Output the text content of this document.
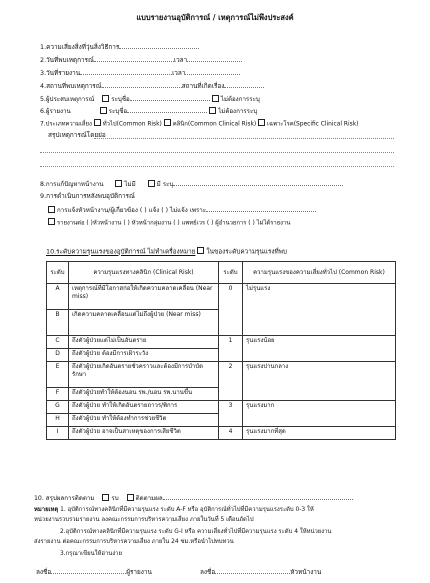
แบบรายงานอุบัติการณ์ / เหตุการณ์ไม่พึงประสงค์
1.ความเสี่ยงสิ่งที่วุ่นสิ่งวิธีการ
2.วันที่พบเหตุการณ์	เวลา
3.วันที่รายงาน	เวลา
4.สถานที่พบเหตุการณ์	สถานที่เกิดเรื่อง
5.ผู้ประสบเหตุการณ์	ระบุชื่อ	ไม่ต้องการระบุ
6.ผู้รายงาน	ระบุชื่อ	ไม่ต้องการระบุ
7.ประเภทความเสี่ยง ทั่วไป(Common Risk) คลินิก(Common Clinical Risk) เฉพาะโรค(Specific Clinical Risk)
สรุปเหตุการณ์โดยย่อ
8.การแก้ปัญหาหน้างาน	ไม่มี	มี ระบุ
9.การดำเนินการหลังพบอุบัติการณ์
การแจ้งหัวหน้างาน/ผู้เกี่ยวข้อง ( ) แจ้ง ( ) ไม่แจ้ง เพราะ
รายงานต่อ ( )หัวหน้างาน ( ) หัวหน้ากลุ่มงาน ( ) แพทย์เวร ( ) ผู้อำนวยการ ( ) ไม่ได้รายงาน
10.ระดับความรุนแรงของอุบัติการณ์ ไม่ทำเครื่องหมาย ในของระดับความรุนแรงที่พบ
ระดับ	ความรุนแรงทางคลินิก (Clinical Risk)	ระดับ	ความรุนแรงของความเสี่ยงทั่วไป (Common Risk)
A	เหตุการณ์ที่มีโอกาสก่อให้เกิดความคลาดเคลื่อน (Near miss)	0	ไม่รุนแรง
B	เกิดความคลาดเคลื่อนแต่ไม่ถึงผู้ป่วย (Near miss)		
C	ถึงตัวผู้ป่วยแต่ไม่เป็นอันตราย	1	รุนแรงน้อย
D	ถึงตัวผู้ป่วย ต้องมีการเฝ้าระวัง		
E	ถึงตัวผู้ป่วยเกิดอันตรายชั่วคราวและต้องมีการบำบัดรักษา	2	รุนแรงปานกลาง
F	ถึงตัวผู้ป่วยทำให้ต้องนอน รพ./นอน รพ.นานขึ้น		
G	ถึงตัวผู้ป่วย ทำให้เกิดอันตรายถาวร/พิการ	3	รุนแรงมาก
H	ถึงตัวผู้ป่วย ทำให้ต้องทำการช่วยชีวิต		
I	ถึงตัวผู้ป่วย อาจเป็นสาเหตุของการเสียชีวิต	4	รุนแรงมากที่สุด
10. สรุปผลการติดตาม	รบ	ติดตามผล
หมายเหตุ 1. อุบัติการณ์ทางคลินิกที่มีความรุนแรง ระดับ A-F หรือ อุบัติการณ์ทั่วไปที่มีความรุนแรงระดับ 0-3 ให้
หน่วยงานรวบรวมรายงาน ลงคณะกรรมการบริหารความเสี่ยง ภายในวันที่ 5 เดือนถัดไป
2.อุบัติการณ์ทางคลินิกที่มีความรุนแรง ระดับ G-I หรือ ความเสี่ยงทั่วไปที่มีความรุนแรง ระดับ 4 ให้หน่วยงาน
ส่งรายงาน ต่อคณะกรรมการบริหารความเสี่ยง ภายใน 24 ชม.หรือนำไปทบทวน
3.กรุณาเขียนให้อ่านง่าย
ลงชื่อ	ผู้รายงาน	ลงชื่อ	หัวหน้างาน
